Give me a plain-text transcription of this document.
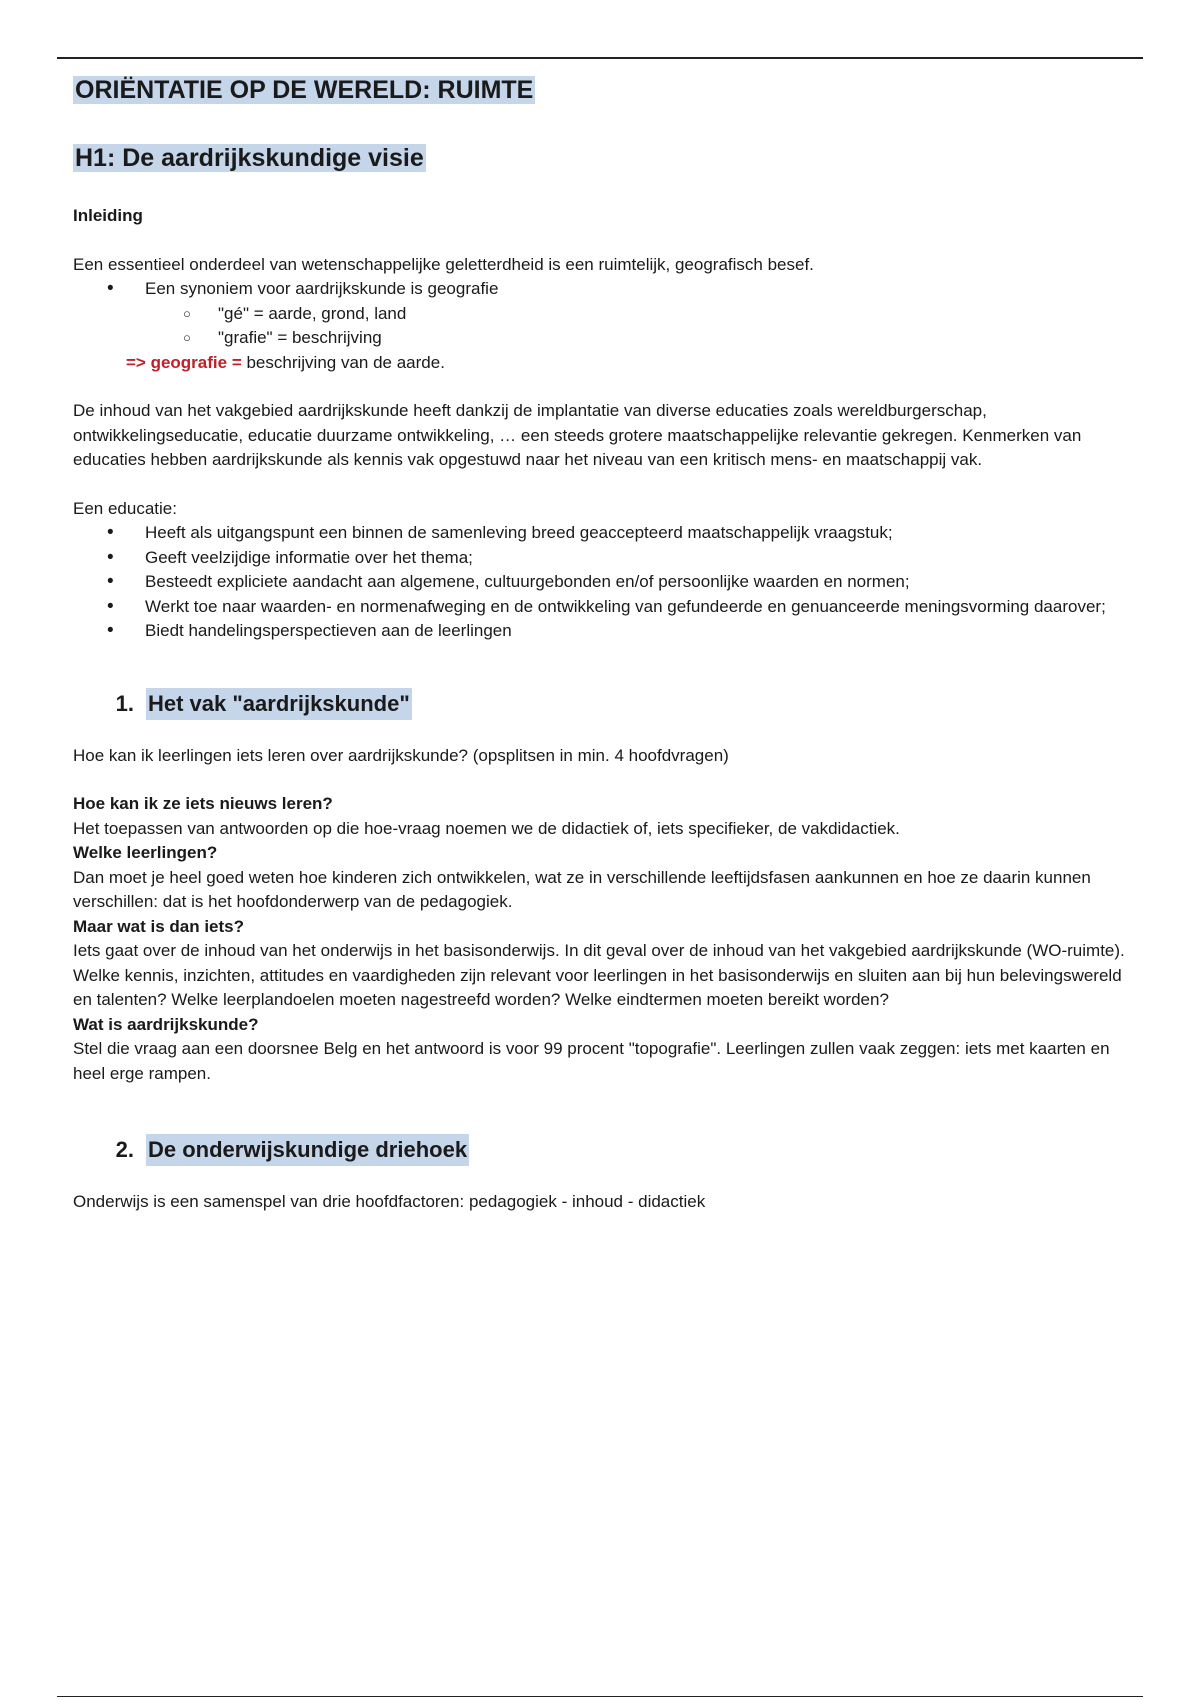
ORIËNTATIE OP DE WERELD: RUIMTE

H1: De aardrijkskundige visie

Inleiding

Een essentieel onderdeel van wetenschappelijke geletterdheid is een ruimtelijk, geografisch besef.

• Een synoniem voor aardrijkskunde is geografie
○ "gé" = aarde, grond, land
○ "grafie" = beschrijving

=> geografie = beschrijving van de aarde.

De inhoud van het vakgebied aardrijkskunde heeft dankzij de implantatie van diverse educaties zoals wereldburgerschap, ontwikkelingseducatie, educatie duurzame ontwikkeling, … een steeds grotere maatschappelijke relevantie gekregen. Kenmerken van educaties hebben aardrijkskunde als kennis vak opgestuwd naar het niveau van een kritisch mens- en maatschappij vak.

Een educatie:

• Heeft als uitgangspunt een binnen de samenleving breed geaccepteerd maatschappelijk vraagstuk;
• Geeft veelzijdige informatie over het thema;
• Besteedt expliciete aandacht aan algemene, cultuurgebonden en/of persoonlijke waarden en normen;
• Werkt toe naar waarden- en normenafweging en de ontwikkeling van gefundeerde en genuanceerde meningsvorming daarover;
• Biedt handelingsperspectieven aan de leerlingen
1. Het vak "aardrijkskunde"

Hoe kan ik leerlingen iets leren over aardrijkskunde? (opsplitsen in min. 4 hoofdvragen)

Hoe kan ik ze iets nieuws leren?

Het toepassen van antwoorden op die hoe-vraag noemen we de didactiek of, iets specifieker, de vakdidactiek.

Welke leerlingen?

Dan moet je heel goed weten hoe kinderen zich ontwikkelen, wat ze in verschillende leeftijdsfasen aankunnen en hoe ze daarin kunnen verschillen: dat is het hoofdonderwerp van de pedagogiek.

Maar wat is dan iets?

Iets gaat over de inhoud van het onderwijs in het basisonderwijs. In dit geval over de inhoud van het vakgebied aardrijkskunde (WO-ruimte). Welke kennis, inzichten, attitudes en vaardigheden zijn relevant voor leerlingen in het basisonderwijs en sluiten aan bij hun belevingswereld en talenten? Welke leerplandoelen moeten nagestreefd worden? Welke eindtermen moeten bereikt worden?

Wat is aardrijkskunde?

Stel die vraag aan een doorsnee Belg en het antwoord is voor 99 procent "topografie". Leerlingen zullen vaak zeggen: iets met kaarten en heel erge rampen.

2. De onderwijskundige driehoek

Onderwijs is een samenspel van drie hoofdfactoren: pedagogiek - inhoud - didactiek
